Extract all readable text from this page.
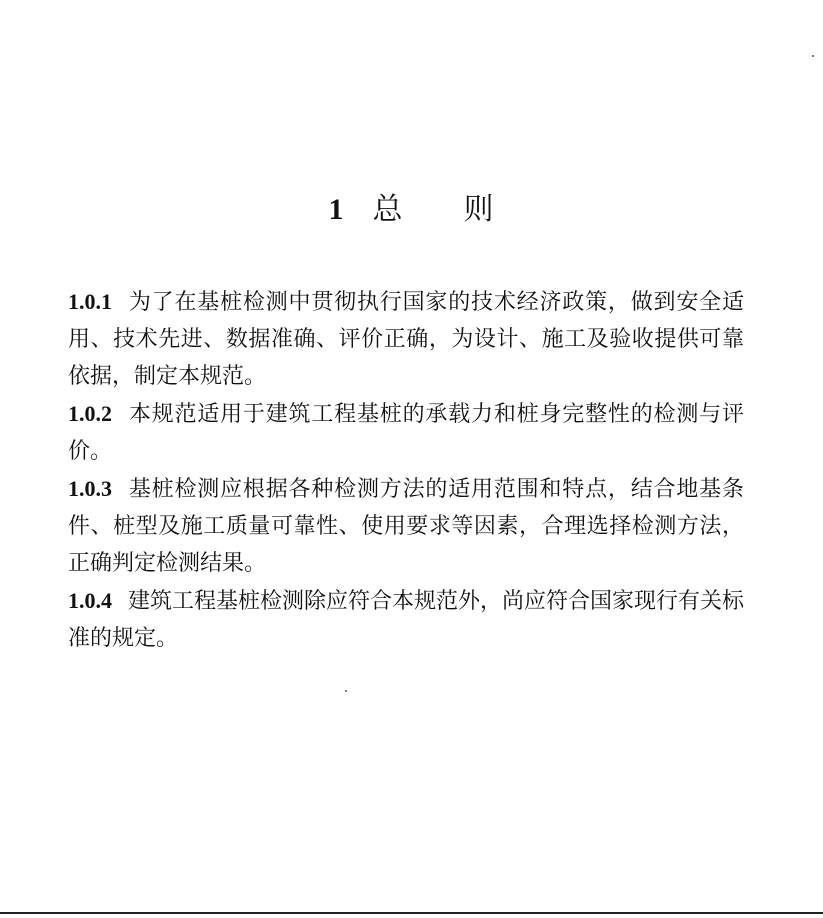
1 总 则

1.0.1 为了在基桩检测中贯彻执行国家的技术经济政策，做到安全适用、技术先进、数据准确、评价正确，为设计、施工及验收提供可靠依据，制定本规范。

1.0.2 本规范适用于建筑工程基桩的承载力和桩身完整性的检测与评价。

1.0.3 基桩检测应根据各种检测方法的适用范围和特点，结合地基条件、桩型及施工质量可靠性、使用要求等因素，合理选择检测方法，正确判定检测结果。

1.0.4 建筑工程基桩检测除应符合本规范外，尚应符合国家现行有关标准的规定。
